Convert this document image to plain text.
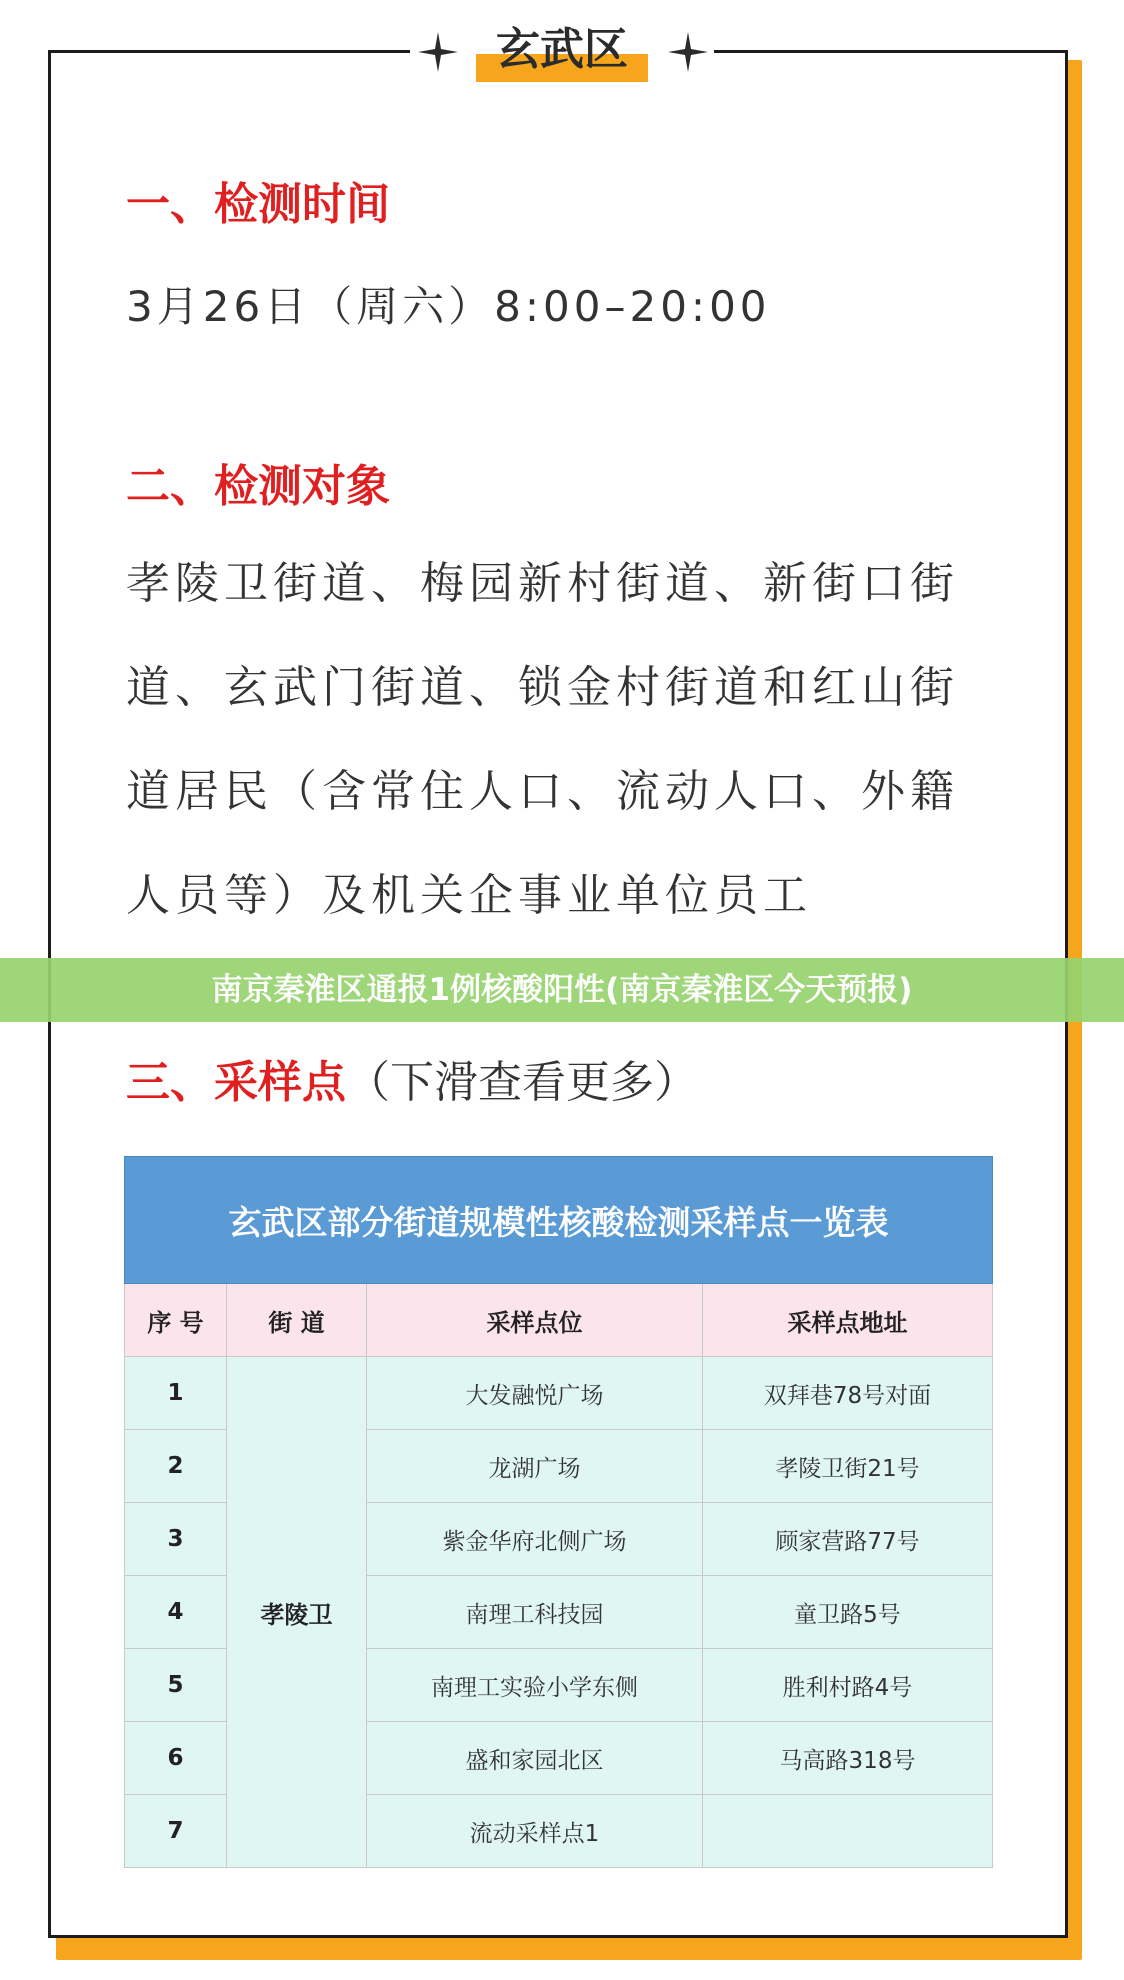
玄武区
一、检测时间
3月26日（周六）8:00–20:00
二、检测对象
孝陵卫街道、梅园新村街道、新街口街
道、玄武门街道、锁金村街道和红山街
道居民（含常住人口、流动人口、外籍
人员等）及机关企事业单位员工
南京秦淮区通报1例核酸阳性(南京秦淮区今天预报)
三、采样点（下滑查看更多）
玄武区部分街道规模性核酸检测采样点一览表			
序 号	街 道	采样点位	采样点地址
1	孝陵卫	大发融悦广场	双拜巷78号对面
2		龙湖广场	孝陵卫街21号
3		紫金华府北侧广场	顾家营路77号
4		南理工科技园	童卫路5号
5		南理工实验小学东侧	胜利村路4号
6		盛和家园北区	马高路318号
7		流动采样点1	
